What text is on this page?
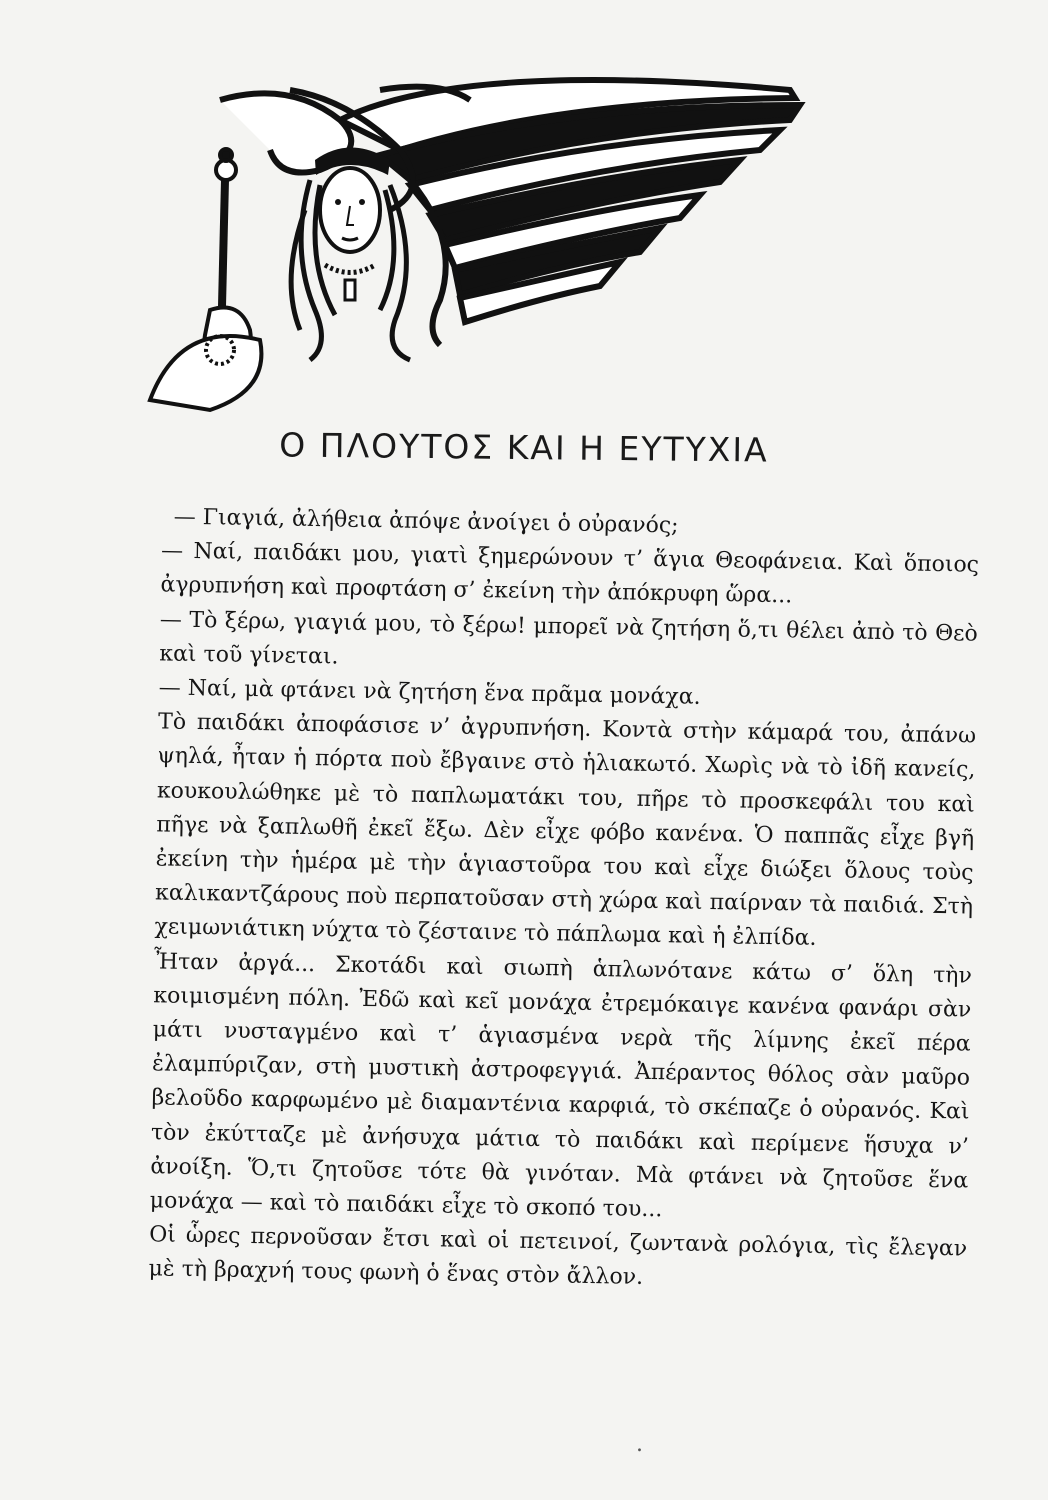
Ο ΠΛΟΥΤΟΣ ΚΑΙ Η ΕΥΤΥΧΙΑ

— Γιαγιά, ἀλήθεια ἀπόψε ἀνοίγει ὁ οὐρανός;

— Ναί, παιδάκι μου, γιατὶ ξημερώνουν τ’ ἅγια Θεοφάνεια. Καὶ ὅποιος ἀγρυπνήση καὶ προφτάση σ’ ἐκείνη τὴν ἀπόκρυφη ὥρα...

— Τὸ ξέρω, γιαγιά μου, τὸ ξέρω! μπορεῖ νὰ ζητήση ὅ,τι θέλει ἀπὸ τὸ Θεὸ καὶ τοῦ γίνεται.

— Ναί, μὰ φτάνει νὰ ζητήση ἕνα πρᾶμα μονάχα.

Τὸ παιδάκι ἀποφάσισε ν’ ἀγρυπνήση. Κοντὰ στὴν κάμαρά του, ἀπάνω ψηλά, ἦταν ἡ πόρτα ποὺ ἔβγαινε στὸ ἡλιακωτό. Χωρὶς νὰ τὸ ἰδῆ κανείς, κουκουλώθηκε μὲ τὸ παπλωματάκι του, πῆρε τὸ προσκεφάλι του καὶ πῆγε νὰ ξαπλωθῆ ἐκεῖ ἔξω. Δὲν εἶχε φόβο κανένα. Ὁ παππᾶς εἶχε βγῆ ἐκείνη τὴν ἡμέρα μὲ τὴν ἁγιαστοῦρα του καὶ εἶχε διώξει ὅλους τοὺς καλικαντζάρους ποὺ περπατοῦσαν στὴ χώρα καὶ παίρναν τὰ παιδιά. Στὴ χειμωνιάτικη νύχτα τὸ ζέσταινε τὸ πάπλωμα καὶ ἡ ἐλπίδα.

Ἦταν ἀργά... Σκοτάδι καὶ σιωπὴ ἁπλωνότανε κάτω σ’ ὅλη τὴν κοιμισμένη πόλη. Ἐδῶ καὶ κεῖ μονάχα ἐτρεμόκαιγε κανένα φανάρι σὰν μάτι νυσταγμένο καὶ τ’ ἁγιασμένα νερὰ τῆς λίμνης ἐκεῖ πέρα ἐλαμπύριζαν, στὴ μυστικὴ ἀστροφεγγιά. Ἀπέραντος θόλος σὰν μαῦρο βελοῦδο καρφωμένο μὲ διαμαντένια καρφιά, τὸ σκέπαζε ὁ οὐρανός. Καὶ τὸν ἐκύτταζε μὲ ἀνήσυχα μάτια τὸ παιδάκι καὶ περίμενε ἥσυχα ν’ ἀνοίξη. Ὅ,τι ζητοῦσε τότε θὰ γινόταν. Μὰ φτάνει νὰ ζητοῦσε ἕνα μονάχα — καὶ τὸ παιδάκι εἶχε τὸ σκοπό του...

Οἱ ὧρες περνοῦσαν ἔτσι καὶ οἱ πετεινοί, ζωντανὰ ρολόγια, τὶς ἔλεγαν μὲ τὴ βραχνή τους φωνὴ ὁ ἕνας στὸν ἄλλον.

.
